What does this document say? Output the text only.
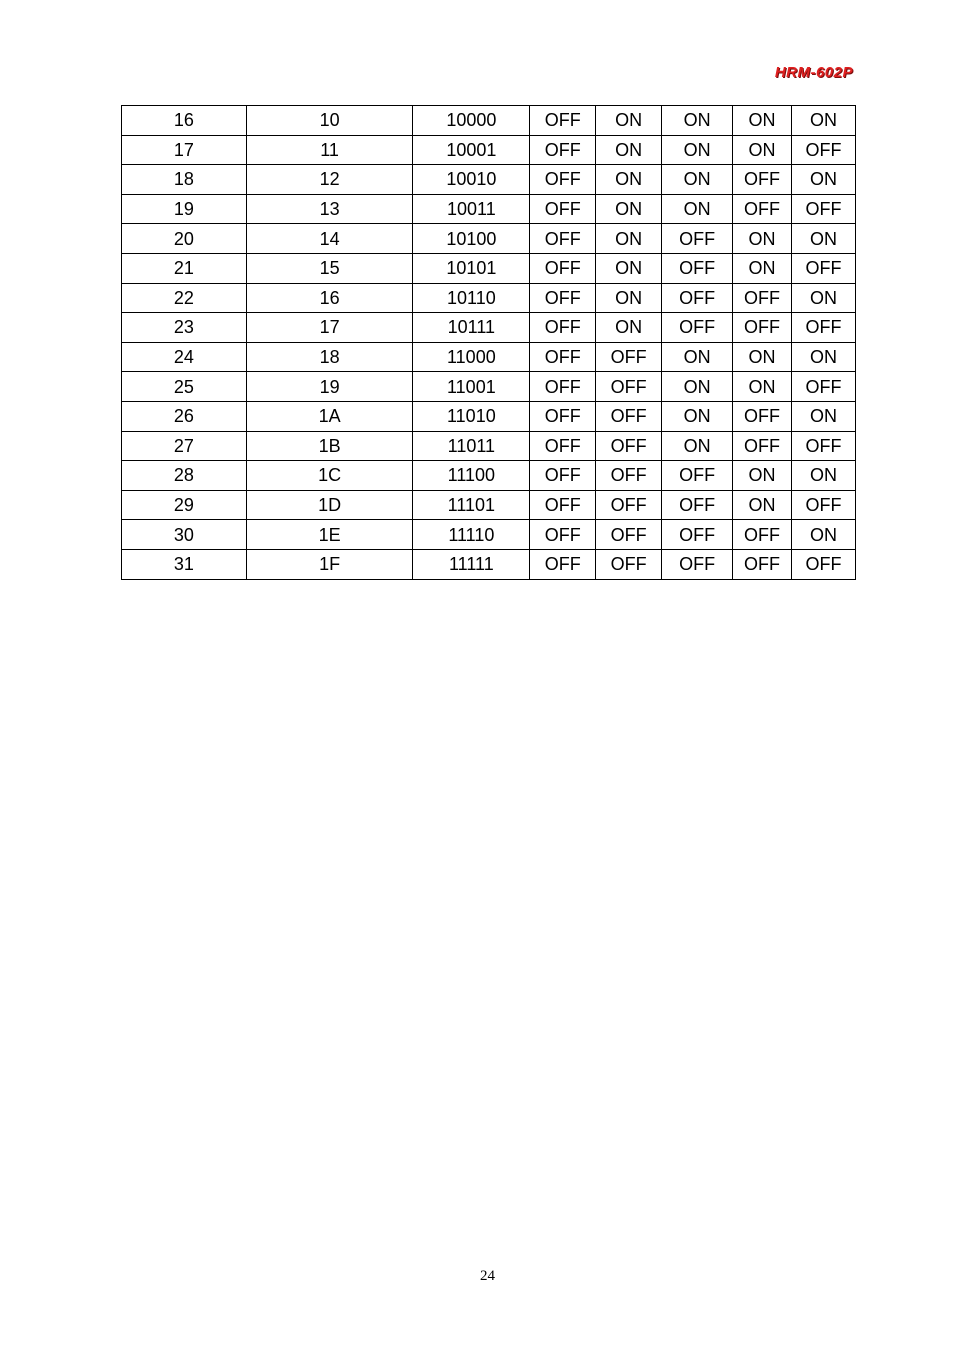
HRM-602P
16	10	10000	OFF	ON	ON	ON	ON
17	11	10001	OFF	ON	ON	ON	OFF
18	12	10010	OFF	ON	ON	OFF	ON
19	13	10011	OFF	ON	ON	OFF	OFF
20	14	10100	OFF	ON	OFF	ON	ON
21	15	10101	OFF	ON	OFF	ON	OFF
22	16	10110	OFF	ON	OFF	OFF	ON
23	17	10111	OFF	ON	OFF	OFF	OFF
24	18	11000	OFF	OFF	ON	ON	ON
25	19	11001	OFF	OFF	ON	ON	OFF
26	1A	11010	OFF	OFF	ON	OFF	ON
27	1B	11011	OFF	OFF	ON	OFF	OFF
28	1C	11100	OFF	OFF	OFF	ON	ON
29	1D	11101	OFF	OFF	OFF	ON	OFF
30	1E	11110	OFF	OFF	OFF	OFF	ON
31	1F	11111	OFF	OFF	OFF	OFF	OFF
24
